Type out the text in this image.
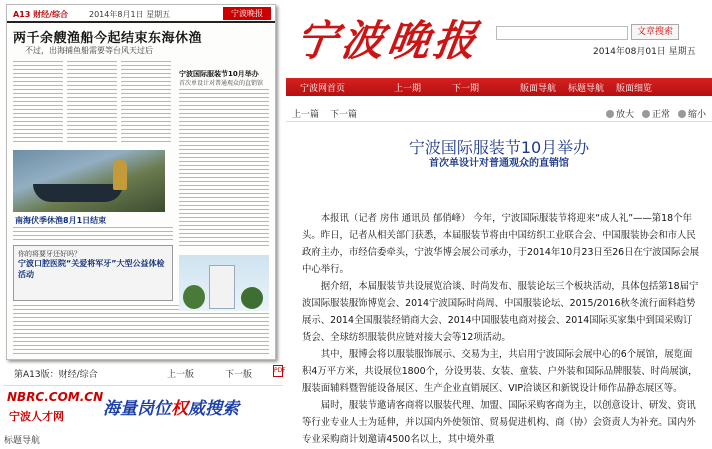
A13 财经/综合	2014年8月1日 星期五	宁波晚报
两千余艘渔船今起结束东海休渔
不过，出海捕鱼船需要等台风天过后
宁波国际服装节10月举办
首次单设计对普通观众的直销馆
南海伏季休渔8月1日结束
你的将要牙还好吗？
宁波口腔医院“关爱将军牙”大型公益体检活动
第A13版：财经/综合	上一版	下一版	PDF
NBRC.COM.CN
宁波人才网 海量岗位权威搜索
标题导航
宁波晚报	文章搜索
2014年08月01日 星期五
宁波网首页	上一期	下一期	版面导航 标题导航 版面细览
上一篇 下一篇	放大	正常	缩小
宁波国际服装节10月举办
首次单设计对普通观众的直销馆

本报讯（记者 房伟 通讯员 郁俏峰） 今年，宁波国际服装节将迎来“成人礼”——第18个年头。昨日，记者从相关部门获悉，本届服装节将由中国纺织工业联合会、中国服装协会和市人民政府主办，市经信委牵头，宁波华博会展公司承办，于2014年10月23日至26日在宁波国际会展中心举行。

据介绍，本届服装节共设展览洽谈、时尚发布、服装论坛三个板块活动，具体包括第18届宁波国际服装服饰博览会、2014宁波国际时尚周、中国服装论坛、2015/2016秋冬流行面料趋势展示、2014全国服装经销商大会、2014中国服装电商对接会、2014国际买家集中到国采购订货会、全球纺织服装供应链对接大会等12项活动。

其中，服博会将以服装服饰展示、交易为主，共启用宁波国际会展中心的6个展馆，展览面积4万平方米，共设展位1800个，分设男装、女装、童装、户外装和国际品牌服装、时尚展演，服装面辅料暨智能设备展区、生产企业直销展区、VIP洽谈区和新锐设计师作品静态展区等。

届时，服装节邀请客商将以服装代理、加盟、国际采购客商为主，以创意设计、研发、资讯等行业专业人士为延伸，并以国内外使领馆、贸易促进机构、商（协）会资责人为补充。国内外专业采购商计划邀请4500名以上，其中境外重
